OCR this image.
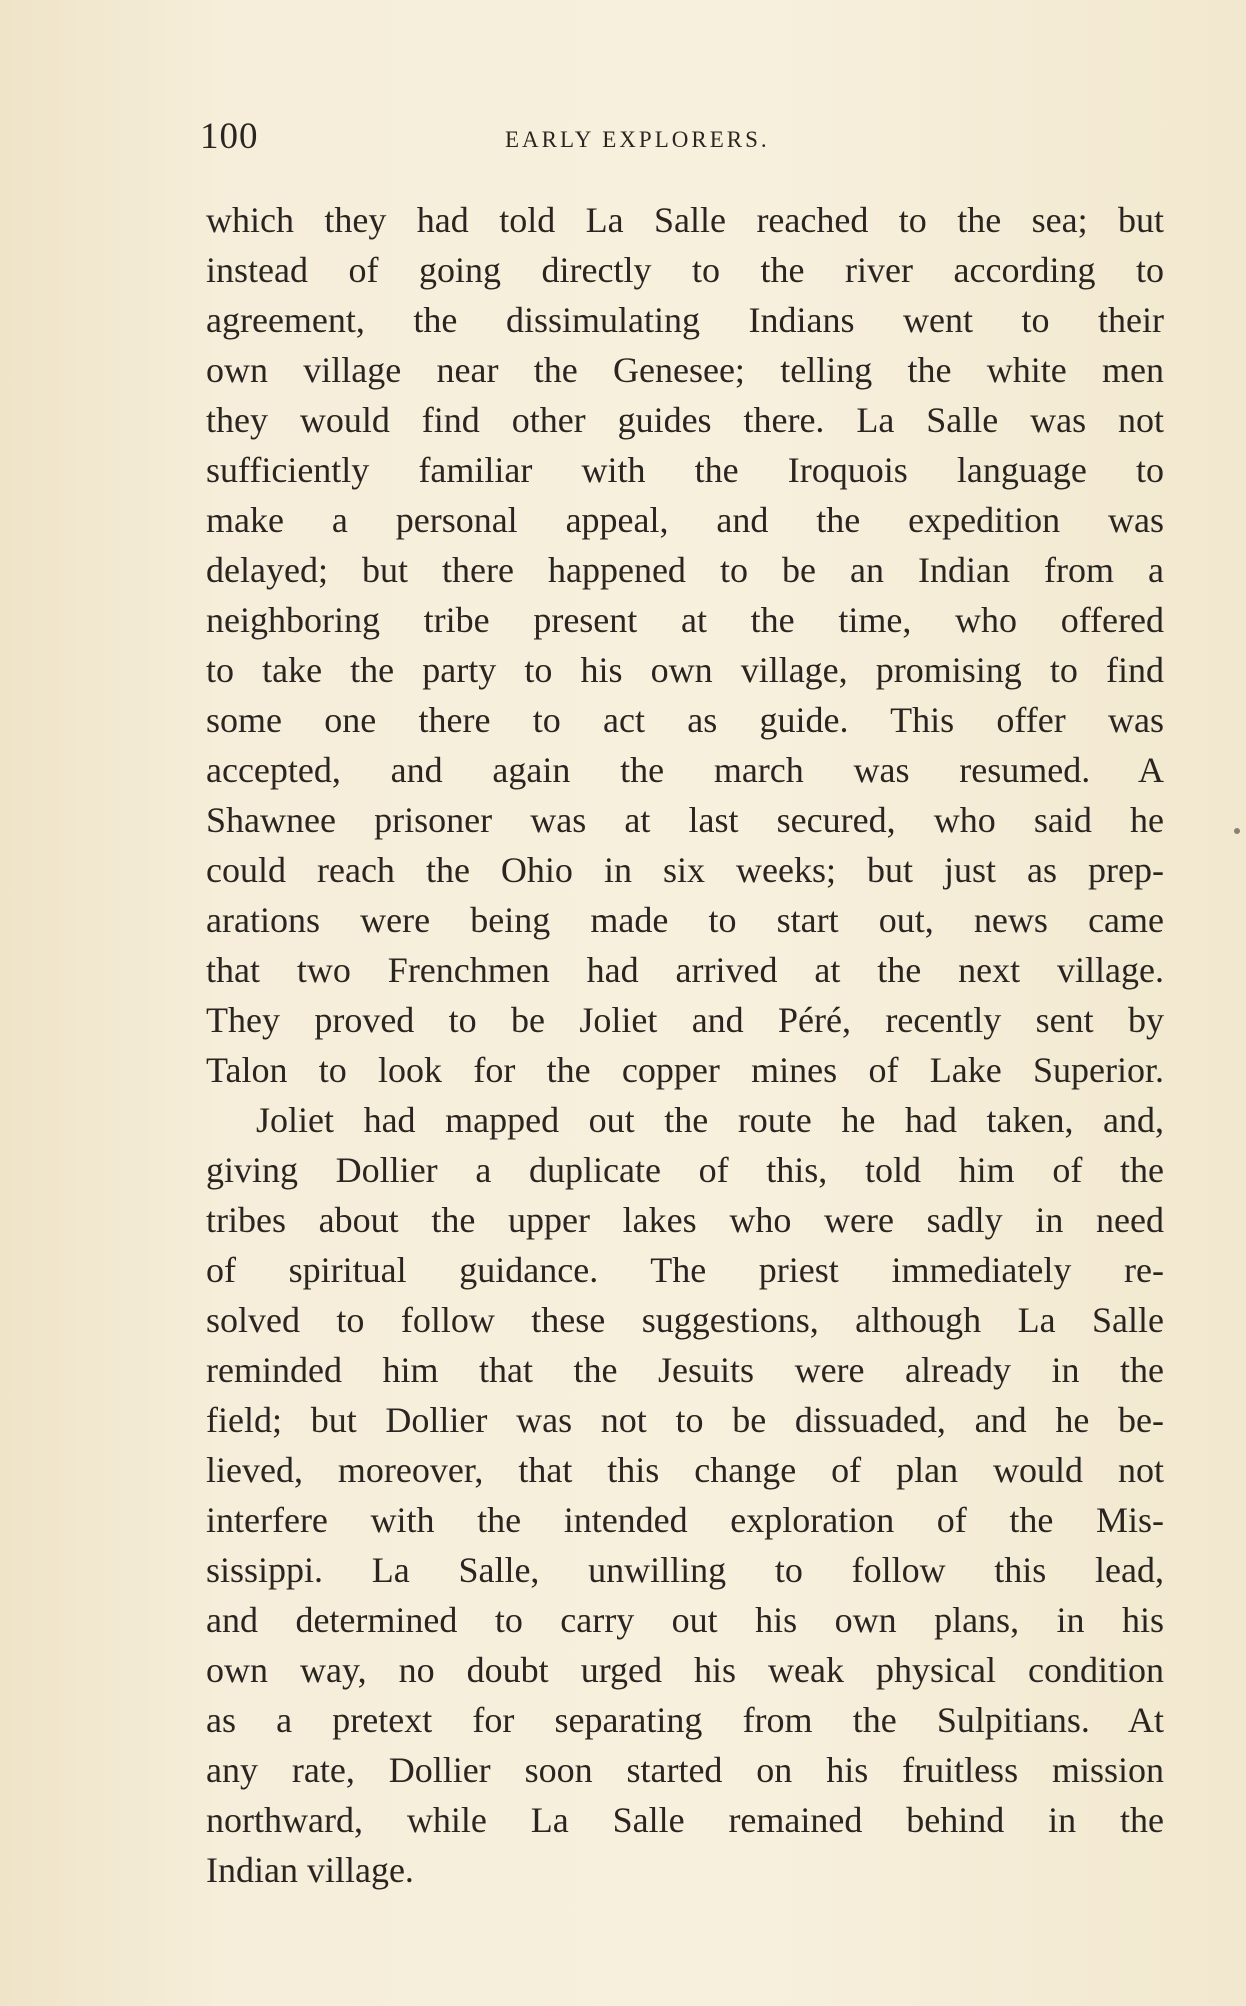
100	EARLY EXPLORERS.
which they had told La Salle reached to the sea; but
instead of going directly to the river according to
agreement, the dissimulating Indians went to their
own village near the Genesee; telling the white men
they would find other guides there. La Salle was not
sufficiently familiar with the Iroquois language to
make a personal appeal, and the expedition was
delayed; but there happened to be an Indian from a
neighboring tribe present at the time, who offered
to take the party to his own village, promising to find
some one there to act as guide. This offer was
accepted, and again the march was resumed. A
Shawnee prisoner was at last secured, who said he
could reach the Ohio in six weeks; but just as prep-
arations were being made to start out, news came
that two Frenchmen had arrived at the next village.
They proved to be Joliet and Péré, recently sent by
Talon to look for the copper mines of Lake Superior.
Joliet had mapped out the route he had taken, and,
giving Dollier a duplicate of this, told him of the
tribes about the upper lakes who were sadly in need
of spiritual guidance. The priest immediately re-
solved to follow these suggestions, although La Salle
reminded him that the Jesuits were already in the
field; but Dollier was not to be dissuaded, and he be-
lieved, moreover, that this change of plan would not
interfere with the intended exploration of the Mis-
sissippi. La Salle, unwilling to follow this lead,
and determined to carry out his own plans, in his
own way, no doubt urged his weak physical condition
as a pretext for separating from the Sulpitians. At
any rate, Dollier soon started on his fruitless mission
northward, while La Salle remained behind in the
Indian village.
